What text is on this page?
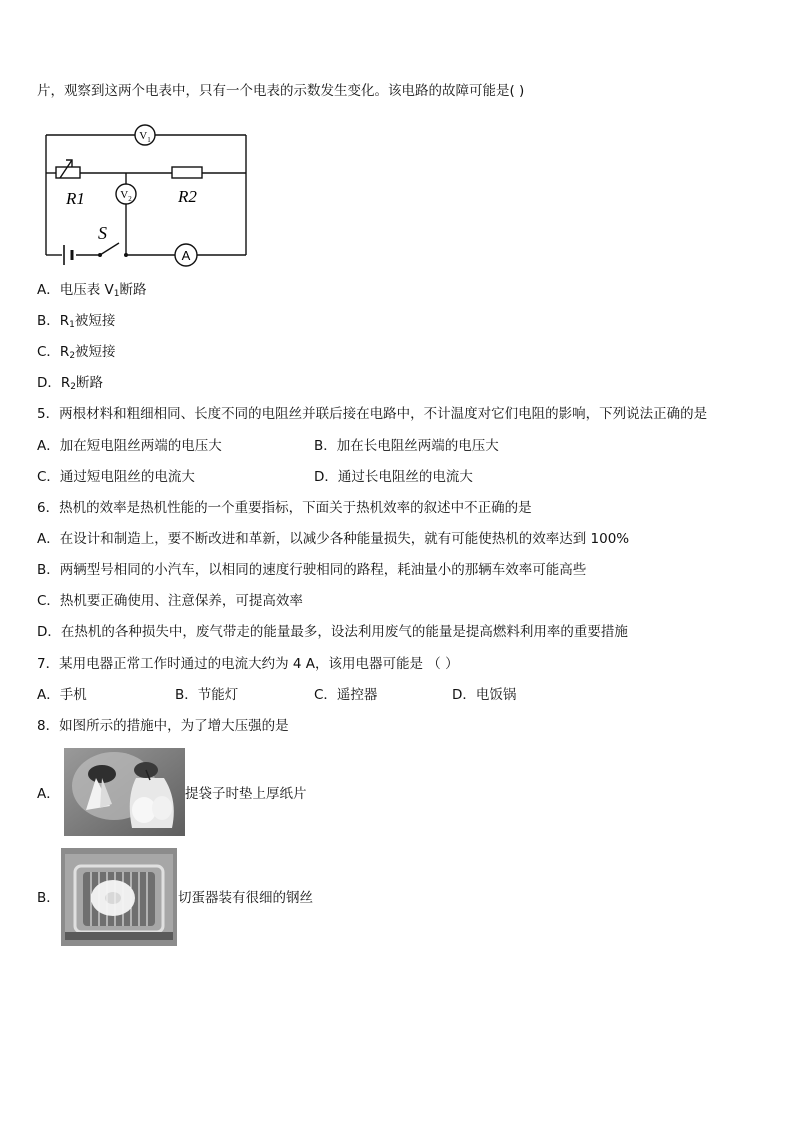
片，观察到这两个电表中，只有一个电表的示数发生变化。该电路的故障可能是( )
$V_1$
$V_2$
A
R1	R2
S
A．电压表 $V_1$断路
B．$R_1$被短接
C．$R_2$被短接
D．$R_2$断路
5．两根材料和粗细相同、长度不同的电阻丝并联后接在电路中，不计温度对它们电阻的影响，下列说法正确的是
A．加在短电阻丝两端的电压大	B．加在长电阻丝两端的电压大
C．通过短电阻丝的电流大	D．通过长电阻丝的电流大
6．热机的效率是热机性能的一个重要指标，下面关于热机效率的叙述中不正确的是
A．在设计和制造上，要不断改进和革新，以减少各种能量损失，就有可能使热机的效率达到 100%
B．两辆型号相同的小汽车，以相同的速度行驶相同的路程，耗油量小的那辆车效率可能高些
C．热机要正确使用、注意保养，可提高效率
D．在热机的各种损失中，废气带走的能量最多，设法利用废气的能量是提高燃料利用率的重要措施
7．某用电器正常工作时通过的电流大约为 4 A，该用电器可能是 （ ）
A．手机	B．节能灯	C．遥控器	D．电饭锅
8．如图所示的措施中，为了增大压强的是
A．	提袋子时垫上厚纸片
B．	切蛋器装有很细的钢丝
